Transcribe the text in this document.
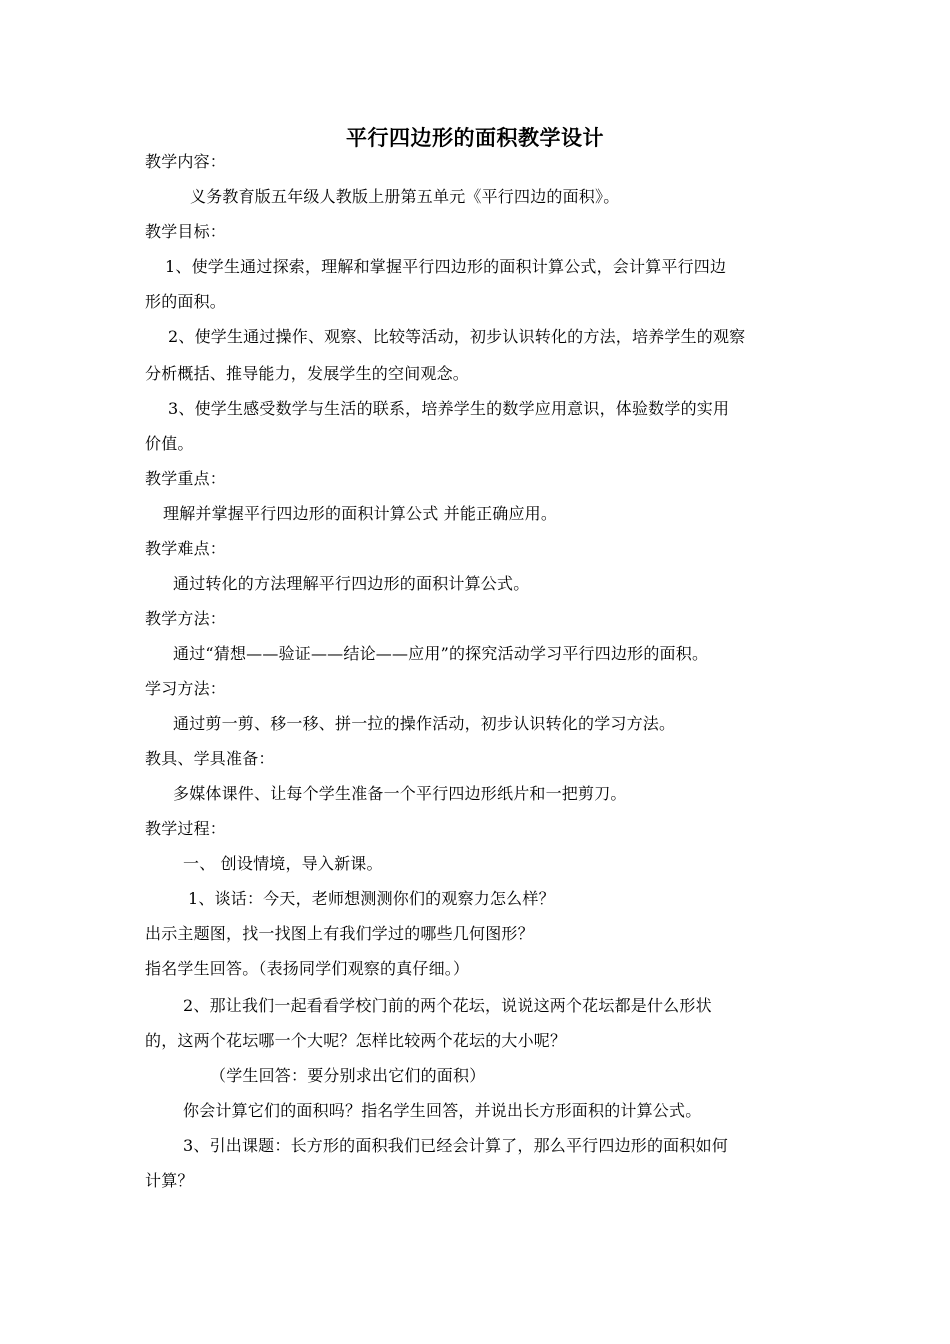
平行四边形的面积教学设计
教学内容：
义务教育版五年级人教版上册第五单元《平行四边的面积》。
教学目标：
1、使学生通过探索，理解和掌握平行四边形的面积计算公式，会计算平行四边
形的面积。
2、使学生通过操作、观察、比较等活动，初步认识转化的方法，培养学生的观察
分析概括、推导能力，发展学生的空间观念。
3、使学生感受数学与生活的联系，培养学生的数学应用意识，体验数学的实用
价值。
教学重点：
理解并掌握平行四边形的面积计算公式 并能正确应用。
教学难点：
通过转化的方法理解平行四边形的面积计算公式。
教学方法：
通过“猜想——验证——结论——应用”的探究活动学习平行四边形的面积。
学习方法：
通过剪一剪、移一移、拼一拉的操作活动，初步认识转化的学习方法。
教具、学具准备：
多媒体课件、让每个学生准备一个平行四边形纸片和一把剪刀。
教学过程：
一、 创设情境，导入新课。
1、谈话：今天，老师想测测你们的观察力怎么样？
出示主题图，找一找图上有我们学过的哪些几何图形？
指名学生回答。（表扬同学们观察的真仔细。）
2、那让我们一起看看学校门前的两个花坛，说说这两个花坛都是什么形状
的，这两个花坛哪一个大呢？怎样比较两个花坛的大小呢？
（学生回答：要分别求出它们的面积）
你会计算它们的面积吗？指名学生回答，并说出长方形面积的计算公式。
3、引出课题：长方形的面积我们已经会计算了，那么平行四边形的面积如何
计算？
